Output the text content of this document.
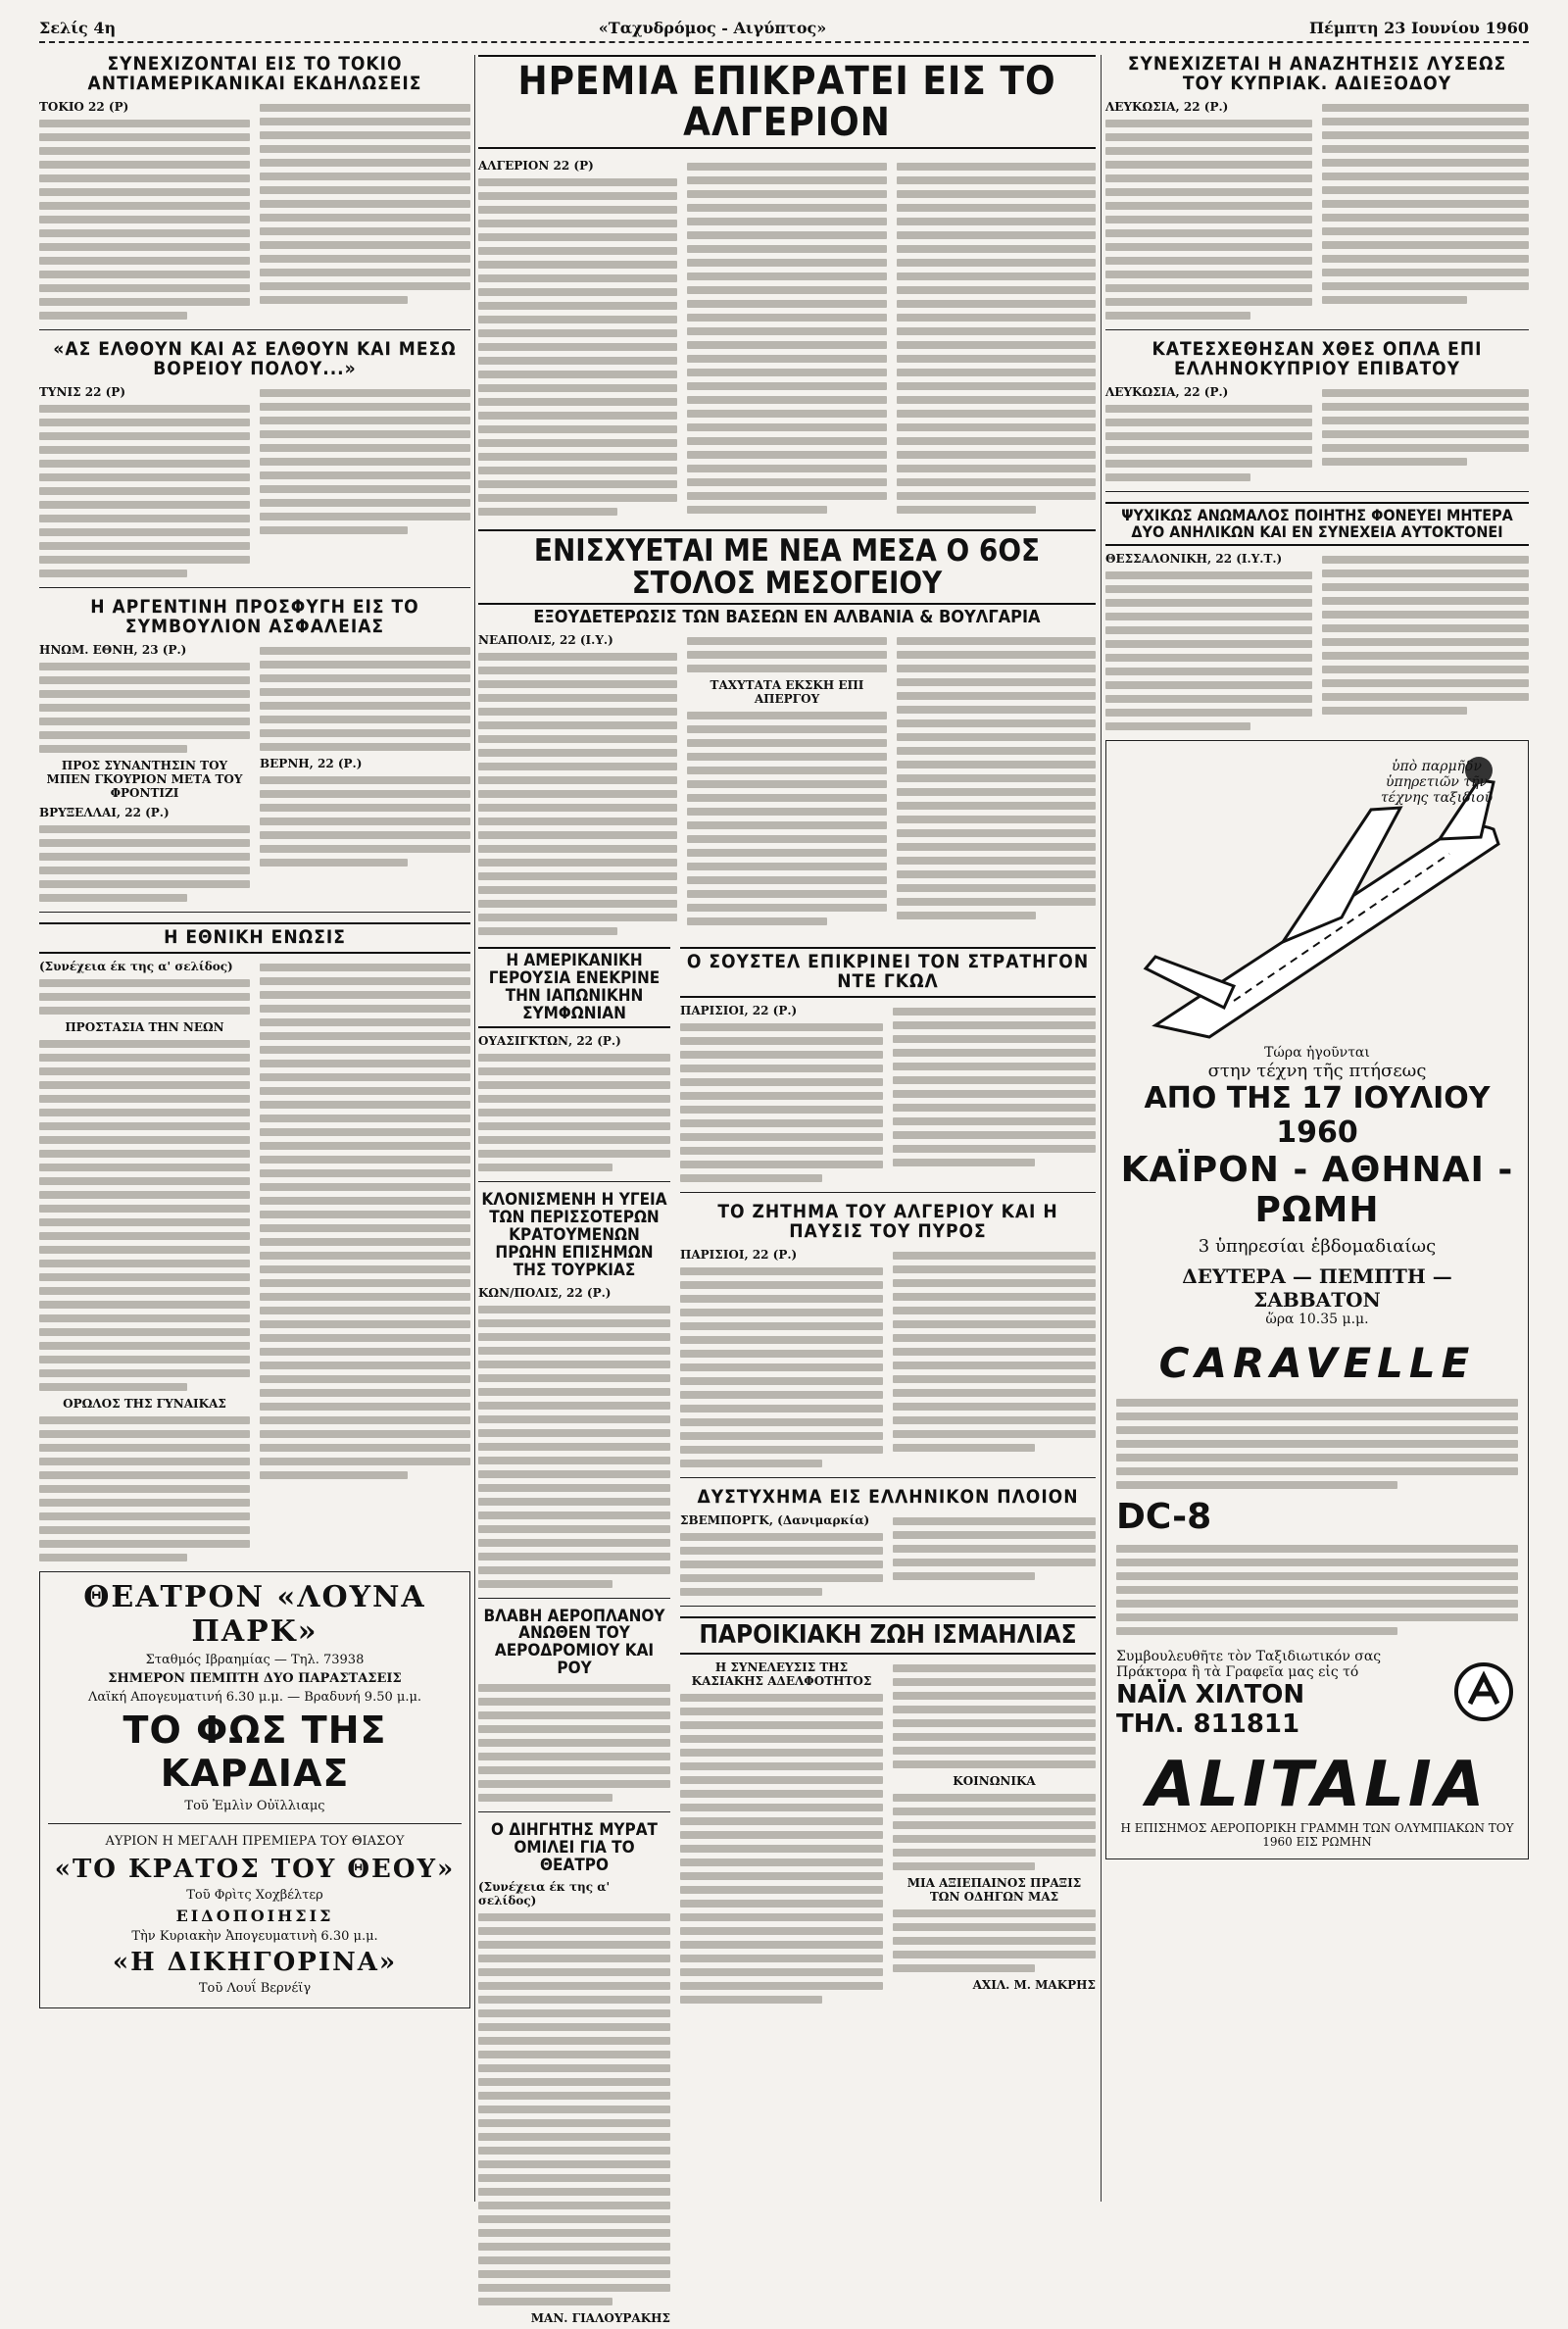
Σελίς 4η	«Ταχυδρόμος - Αιγύπτος»	Πέμπτη 23 Ιουνίου 1960
ΣΥΝΕΧΙΖΟΝΤΑΙ ΕΙΣ ΤΟ ΤΟΚΙΟ ΑΝΤΙΑΜΕΡΙΚΑΝΙΚΑΙ ΕΚΔΗΛΩΣΕΙΣ
ΤΟΚΙΟ 22 (Ρ)
«ΑΣ ΕΛΘΟΥΝ ΚΑΙ ΑΣ ΕΛΘΟΥΝ ΚΑΙ ΜΕΣΩ ΒΟΡΕΙΟΥ ΠΟΛΟΥ...»
ΤΥΝΙΣ 22 (Ρ)
Η ΑΡΓΕΝΤΙΝΗ ΠΡΟΣΦΥΓΗ ΕΙΣ ΤΟ ΣΥΜΒΟΥΛΙΟΝ ΑΣΦΑΛΕΙΑΣ
ΗΝΩΜ. ΕΘΝΗ, 23 (Ρ.)
ΠΡΟΣ ΣΥΝΑΝΤΗΣΙΝ ΤΟΥ ΜΠΕΝ ΓΚΟΥΡΙΟΝ ΜΕΤΑ ΤΟΥ ΦΡΟΝΤΙΖΙ
ΒΡΥΞΕΛΛΑΙ, 22 (Ρ.)
ΒΕΡΝΗ, 22 (Ρ.)
Η ΕΘΝΙΚΗ ΕΝΩΣΙΣ
(Συνέχεια έκ της α' σελίδος)
ΠΡΟΣΤΑΣΙΑ ΤΗΝ ΝΕΩΝ
ΟΡΩΛΟΣ ΤΗΣ ΓΥΝΑΙΚΑΣ
ΘΕΑΤΡΟΝ «ΛΟΥΝΑ ΠΑΡΚ»
Σταθμός Ιβραημίας — Τηλ. 73938
ΣΗΜΕΡΟΝ ΠΕΜΠΤΗ ΔΥΟ ΠΑΡΑΣΤΑΣΕΙΣ
Λαϊκή Απογευματινή 6.30 μ.μ. — Βραδυνή 9.50 μ.μ.
ΤΟ ΦΩΣ ΤΗΣ ΚΑΡΔΙΑΣ
Τοῦ Ἐμλὶν Οὐϊλλιαμς
ΑΥΡΙΟΝ Η ΜΕΓΑΛΗ ΠΡΕΜΙΕΡΑ ΤΟΥ ΘΙΑΣΟΥ
«ΤΟ ΚΡΑΤΟΣ ΤΟΥ ΘΕΟΥ»
Τοῦ Φρὶτς Χοχβέλτερ
ΕΙΔΟΠΟΙΗΣΙΣ
Τὴν Κυριακὴν Ἀπογευματινὴ 6.30 μ.μ.
«Η ΔΙΚΗΓΟΡΙΝΑ»
Τοῦ Λουΐ Βερνέϊγ
ΗΡΕΜΙΑ ΕΠΙΚΡΑΤΕΙ ΕΙΣ ΤΟ ΑΛΓΕΡΙΟΝ
ΑΛΓΕΡΙΟΝ 22 (Ρ)
ΕΝΙΣΧΥΕΤΑΙ ΜΕ ΝΕΑ ΜΕΣΑ Ο 6ΟΣ ΣΤΟΛΟΣ ΜΕΣΟΓΕΙΟΥ
ΕΞΟΥΔΕΤΕΡΩΣΙΣ ΤΩΝ ΒΑΣΕΩΝ ΕΝ ΑΛΒΑΝΙΑ & ΒΟΥΛΓΑΡΙΑ
ΝΕΑΠΟΛΙΣ, 22 (Ι.Υ.)
ΤΑΧΥΤΑΤΑ ΕΚΣΚΗ ΕΠΙ ΑΠΕΡΓΟΥ
Η ΑΜΕΡΙΚΑΝΙΚΗ ΓΕΡΟΥΣΙΑ ΕΝΕΚΡΙΝΕ ΤΗΝ ΙΑΠΩΝΙΚΗΝ ΣΥΜΦΩΝΙΑΝ
ΟΥΑΣΙΓΚΤΩΝ, 22 (Ρ.)
ΚΛΟΝΙΣΜΕΝΗ Η ΥΓΕΙΑ ΤΩΝ ΠΕΡΙΣΣΟΤΕΡΩΝ ΚΡΑΤΟΥΜΕΝΩΝ ΠΡΩΗΝ ΕΠΙΣΗΜΩΝ ΤΗΣ ΤΟΥΡΚΙΑΣ
ΚΩΝ/ΠΟΛΙΣ, 22 (Ρ.)
ΒΛΑΒΗ ΑΕΡΟΠΛΑΝΟΥ ΑΝΩΘΕΝ ΤΟΥ ΑΕΡΟΔΡΟΜΙΟΥ ΚΑΙ ΡΟΥ
Ο ΔΙΗΓΗΤΗΣ ΜΥΡΑΤ ΟΜΙΛΕΙ ΓΙΑ ΤΟ ΘΕΑΤΡΟ
(Συνέχεια έκ της α' σελίδος)
ΜΑΝ. ΓΙΑΛΟΥΡΑΚΗΣ
Ο ΣΟΥΣΤΕΛ ΕΠΙΚΡΙΝΕΙ ΤΟΝ ΣΤΡΑΤΗΓΟΝ ΝΤΕ ΓΚΩΛ
ΠΑΡΙΣΙΟΙ, 22 (Ρ.)
ΤΟ ΖΗΤΗΜΑ ΤΟΥ ΑΛΓΕΡΙΟΥ ΚΑΙ Η ΠΑΥΣΙΣ ΤΟΥ ΠΥΡΟΣ
ΠΑΡΙΣΙΟΙ, 22 (Ρ.)
ΔΥΣΤΥΧΗΜΑ ΕΙΣ ΕΛΛΗΝΙΚΟΝ ΠΛΟΙΟΝ
ΣΒΕΜΠΟΡΓΚ, (Δανιμαρκία)
ΠΑΡΟΙΚΙΑΚΗ ΖΩΗ ΙΣΜΑΗΛΙΑΣ
Η ΣΥΝΕΛΕΥΣΙΣ ΤΗΣ ΚΑΣΙΑΚΗΣ ΑΔΕΛΦΟΤΗΤΟΣ
ΚΟΙΝΩΝΙΚΑ
ΜΙΑ ΑΞΙΕΠΑΙΝΟΣ ΠΡΑΞΙΣ ΤΩΝ ΟΔΗΓΩΝ ΜΑΣ
ΑΧΙΛ. Μ. ΜΑΚΡΗΣ
ΣΥΝΕΧΙΖΕΤΑΙ Η ΑΝΑΖΗΤΗΣΙΣ ΛΥΣΕΩΣ ΤΟΥ ΚΥΠΡΙΑΚ. ΑΔΙΕΞΟΔΟΥ
ΛΕΥΚΩΣΙΑ, 22 (Ρ.)
ΚΑΤΕΣΧΕΘΗΣΑΝ ΧΘΕΣ ΟΠΛΑ ΕΠΙ ΕΛΛΗΝΟΚΥΠΡΙΟΥ ΕΠΙΒΑΤΟΥ
ΛΕΥΚΩΣΙΑ, 22 (Ρ.)
ΨΥΧΙΚΩΣ ΑΝΩΜΑΛΟΣ ΠΟΙΗΤΗΣ ΦΟΝΕΥΕΙ ΜΗΤΕΡΑ ΔΥΟ ΑΝΗΛΙΚΩΝ ΚΑΙ ΕΝ ΣΥΝΕΧΕΙΑ ΑΥΤΟΚΤΟΝΕΙ
ΘΕΣΣΑΛΟΝΙΚΗ, 22 (Ι.Υ.Τ.)
ὑπὸ παρμῆδν ὑπηρετιῶν τῆν τέχνης ταξιδιοῦ
Τώρα ἡγοῦνται
στην τέχνη τῆς πτήσεως
ΑΠΟ ΤΗΣ 17 ΙΟΥΛΙΟΥ 1960
ΚΑΪΡΟΝ - ΑΘΗΝΑΙ - ΡΩΜΗ
3 ὑπηρεσίαι ἑβδομαδιαίως
ΔΕΥΤΕΡΑ — ΠΕΜΠΤΗ — ΣΑΒΒΑΤΟΝ
ὥρα 10.35 μ.μ.
CARAVELLE
DC-8
Συμβουλευθῆτε τὸν Ταξιδιωτικόν σας Πράκτορα ἢ τὰ Γραφεῖα μας εἰς τό
ΝΑΪΛ ΧΙΛΤΟΝ
ΤΗΛ. 811811
ALITALIA
Η ΕΠΙΣΗΜΟΣ ΑΕΡΟΠΟΡΙΚΗ ΓΡΑΜΜΗ ΤΩΝ ΟΛΥΜΠΙΑΚΩΝ ΤΟΥ 1960 ΕΙΣ ΡΩΜΗΝ
